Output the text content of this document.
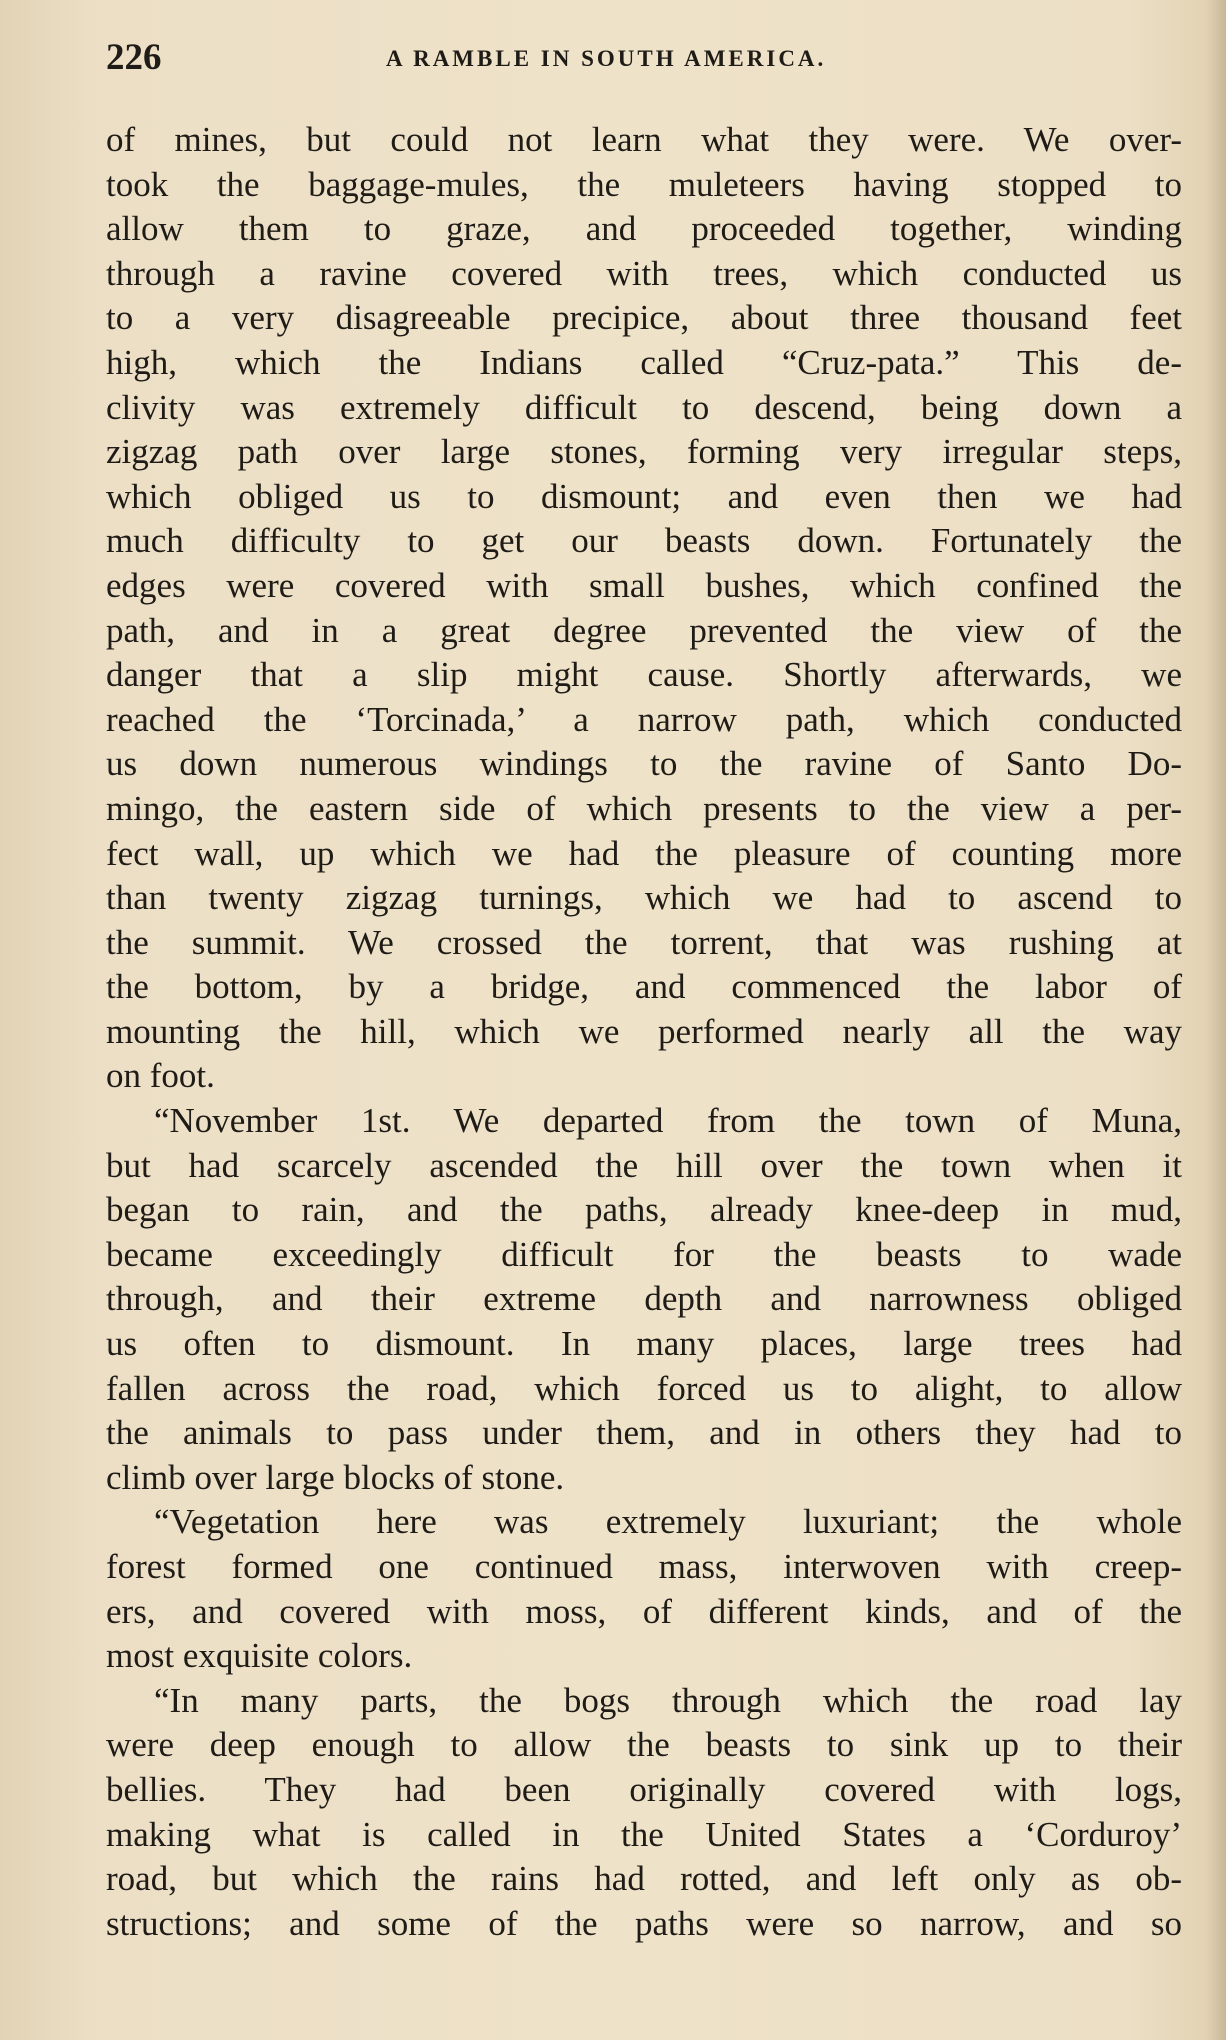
226	A RAMBLE IN SOUTH AMERICA.
of mines, but could not learn what they were. We over-
took the baggage-mules, the muleteers having stopped to
allow them to graze, and proceeded together, winding
through a ravine covered with trees, which conducted us
to a very disagreeable precipice, about three thousand feet
high, which the Indians called “Cruz-pata.” This de-
clivity was extremely difficult to descend, being down a
zigzag path over large stones, forming very irregular steps,
which obliged us to dismount; and even then we had
much difficulty to get our beasts down. Fortunately the
edges were covered with small bushes, which confined the
path, and in a great degree prevented the view of the
danger that a slip might cause. Shortly afterwards, we
reached the ‘Torcinada,’ a narrow path, which conducted
us down numerous windings to the ravine of Santo Do-
mingo, the eastern side of which presents to the view a per-
fect wall, up which we had the pleasure of counting more
than twenty zigzag turnings, which we had to ascend to
the summit. We crossed the torrent, that was rushing at
the bottom, by a bridge, and commenced the labor of
mounting the hill, which we performed nearly all the way
on foot.
“November 1st. We departed from the town of Muna,
but had scarcely ascended the hill over the town when it
began to rain, and the paths, already knee-deep in mud,
became exceedingly difficult for the beasts to wade
through, and their extreme depth and narrowness obliged
us often to dismount. In many places, large trees had
fallen across the road, which forced us to alight, to allow
the animals to pass under them, and in others they had to
climb over large blocks of stone.
“Vegetation here was extremely luxuriant; the whole
forest formed one continued mass, interwoven with creep-
ers, and covered with moss, of different kinds, and of the
most exquisite colors.
“In many parts, the bogs through which the road lay
were deep enough to allow the beasts to sink up to their
bellies. They had been originally covered with logs,
making what is called in the United States a ‘Corduroy’
road, but which the rains had rotted, and left only as ob-
structions; and some of the paths were so narrow, and so
